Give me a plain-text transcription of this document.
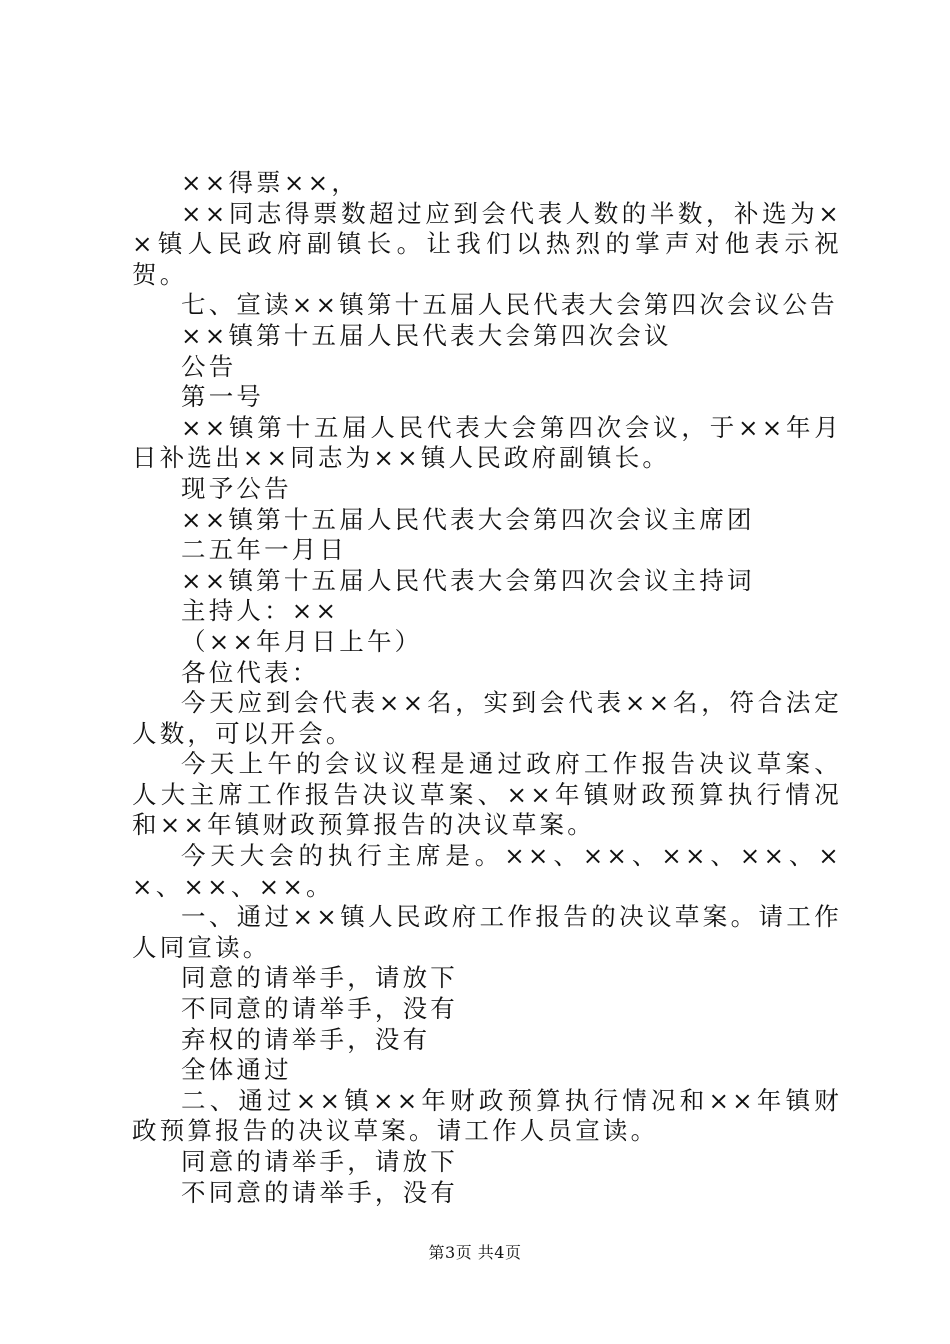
××得票××，

××同志得票数超过应到会代表人数的半数，补选为××镇人民政府副镇长。让我们以热烈的掌声对他表示祝贺。

七、宣读××镇第十五届人民代表大会第四次会议公告

××镇第十五届人民代表大会第四次会议

公告

第一号

××镇第十五届人民代表大会第四次会议，于××年月日补选出××同志为××镇人民政府副镇长。

现予公告

××镇第十五届人民代表大会第四次会议主席团

二五年一月日

××镇第十五届人民代表大会第四次会议主持词

主持人：××

（××年月日上午）

各位代表：

今天应到会代表××名，实到会代表××名，符合法定人数，可以开会。

今天上午的会议议程是通过政府工作报告决议草案、人大主席工作报告决议草案、××年镇财政预算执行情况和××年镇财政预算报告的决议草案。

今天大会的执行主席是。××、××、××、××、××、××、××。

一、通过××镇人民政府工作报告的决议草案。请工作人同宣读。

同意的请举手，请放下

不同意的请举手，没有

弃权的请举手，没有

全体通过

二、通过××镇××年财政预算执行情况和××年镇财政预算报告的决议草案。请工作人员宣读。

同意的请举手，请放下

不同意的请举手，没有

第3页 共4页
